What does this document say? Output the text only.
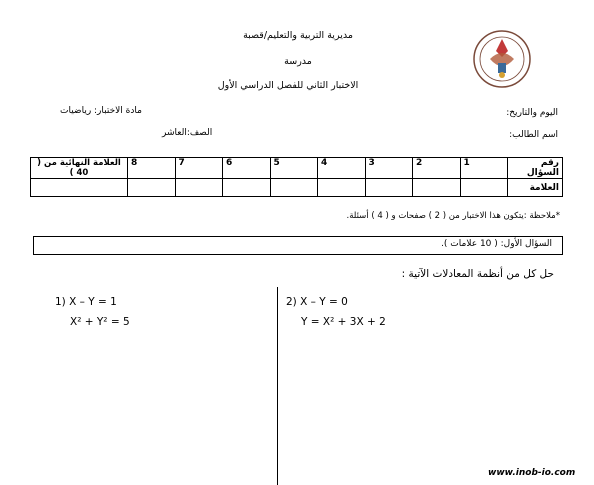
مديرية التربية والتعليم/قصبة
مدرسة
الاختبار الثاني للفصل الدراسي الأول
اليوم والتاريخ:
مادة الاختبار: رياضيات
اسم الطالب:
الصف:العاشر
رقم السؤال	1	2	3	4	5	6	7	8	العلامة النهائية من ( 40 )
العلامة									
*ملاحظة :يتكون هذا الاختبار من ( 2 ) صفحات و ( 4 ) أسئلة.
السؤال الأول: ( 10 علامات ).
حل كل من أنظمة المعادلات الآتية :
1) X – Y = 1
X² + Y² = 5
2) X – Y = 0
Y = X² + 3X + 2
www.inob-io.com
